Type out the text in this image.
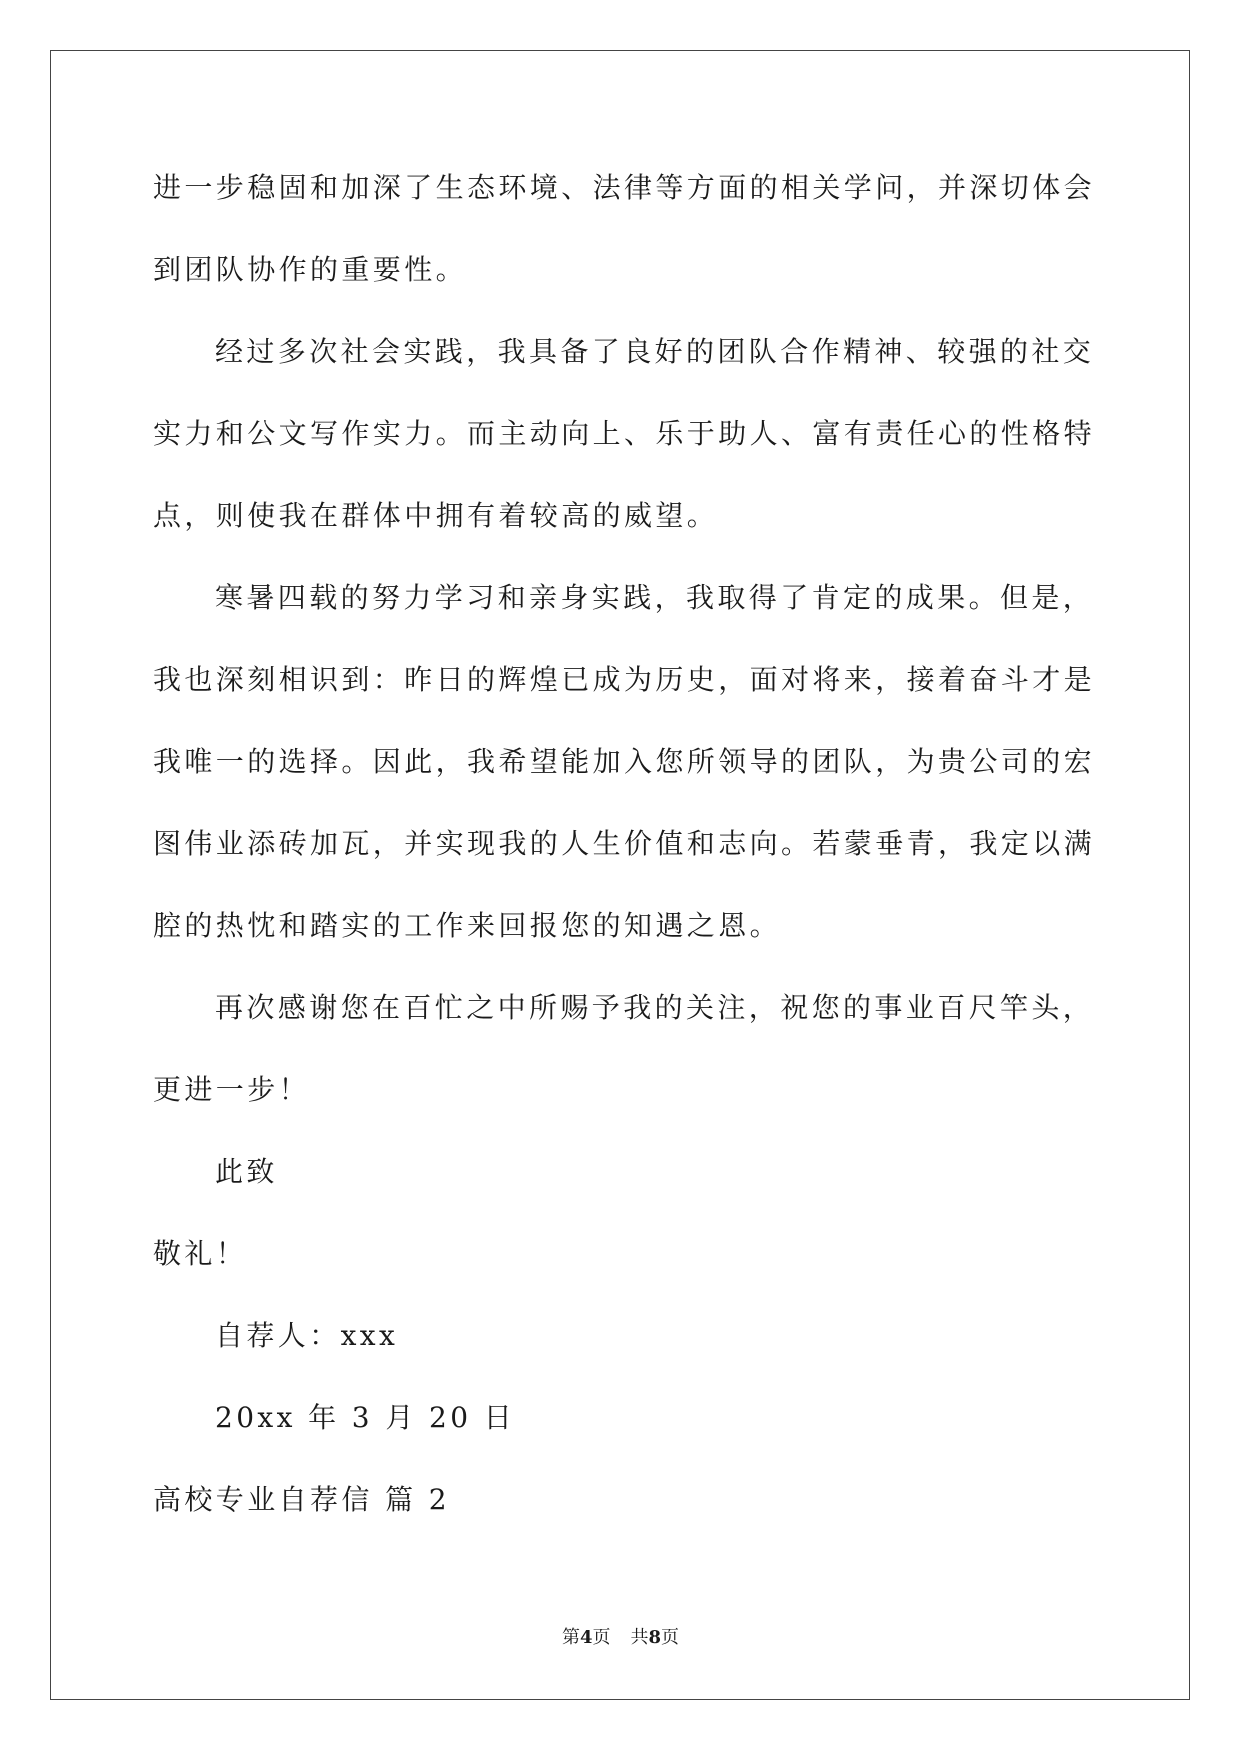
进一步稳固和加深了生态环境、法律等方面的相关学问，并深切体会
到团队协作的重要性。
经过多次社会实践，我具备了良好的团队合作精神、较强的社交
实力和公文写作实力。而主动向上、乐于助人、富有责任心的性格特
点，则使我在群体中拥有着较高的威望。
寒暑四载的努力学习和亲身实践，我取得了肯定的成果。但是，
我也深刻相识到：昨日的辉煌已成为历史，面对将来，接着奋斗才是
我唯一的选择。因此，我希望能加入您所领导的团队，为贵公司的宏
图伟业添砖加瓦，并实现我的人生价值和志向。若蒙垂青，我定以满
腔的热忱和踏实的工作来回报您的知遇之恩。
再次感谢您在百忙之中所赐予我的关注，祝您的事业百尺竿头，
更进一步！
此致
敬礼！
自荐人：xxx
20xx 年 3 月 20 日
高校专业自荐信 篇 2
第4页 共8页
